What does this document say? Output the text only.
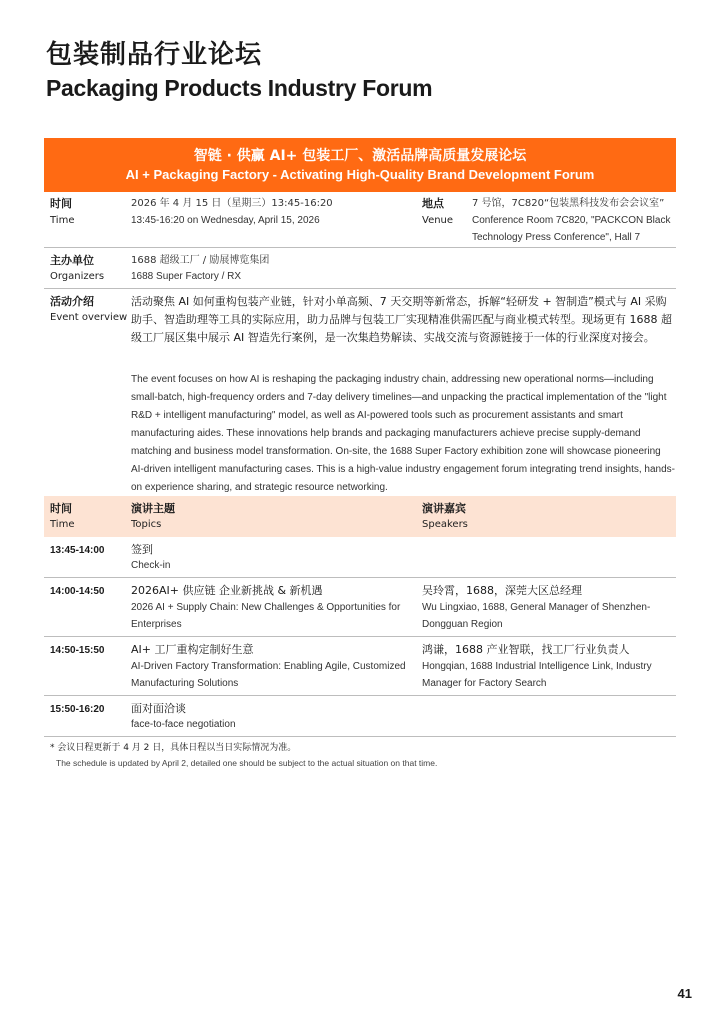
包装制品行业论坛
Packaging Products Industry Forum
智链 · 供赢 AI+ 包装工厂、激活品牌高质量发展论坛
AI + Packaging Factory - Activating High-Quality Brand Development Forum
时间
Time
2026 年 4 月 15 日（星期三）13:45-16:20
13:45-16:20 on Wednesday, April 15, 2026
地点
Venue
7 号馆，7C820“包装黑科技发布会会议室”
Conference Room 7C820, "PACKCON Black Technology Press Conference", Hall 7
主办单位
Organizers
1688 超级工厂 / 励展博览集团
1688 Super Factory / RX
活动介绍
Event overview
活动聚焦 AI 如何重构包装产业链，针对小单高频、7 天交期等新常态，拆解“轻研发 + 智制造”模式与 AI 采购助手、智造助理等工具的实际应用，助力品牌与包装工厂实现精准供需匹配与商业模式转型。现场更有 1688 超级工厂展区集中展示 AI 智造先行案例，是一次集趋势解读、实战交流与资源链接于一体的行业深度对接会。
The event focuses on how AI is reshaping the packaging industry chain, addressing new operational norms—including small-batch, high-frequency orders and 7-day delivery timelines—and unpacking the practical implementation of the "light R&D + intelligent manufacturing" model, as well as AI-powered tools such as procurement assistants and smart manufacturing aides. These innovations help brands and packaging manufacturers achieve precise supply-demand matching and business model transformation. On-site, the 1688 Super Factory exhibition zone will showcase pioneering AI-driven intelligent manufacturing cases. This is a high-value industry engagement forum integrating trend insights, hands-on experience sharing, and strategic resource networking.
时间
Time
演讲主题
Topics
演讲嘉宾
Speakers
13:45-14:00 签到
Check-in
14:00-14:50 2026AI+ 供应链 企业新挑战 & 新机遇
2026 AI + Supply Chain: New Challenges & Opportunities for Enterprises
吴玲霄，1688，深莞大区总经理
Wu Lingxiao, 1688, General Manager of Shenzhen-Dongguan Region
14:50-15:50 AI+ 工厂重构定制好生意
AI-Driven Factory Transformation: Enabling Agile, Customized Manufacturing Solutions
鸿谦，1688 产业智联，找工厂行业负责人
Hongqian, 1688 Industrial Intelligence Link, Industry Manager for Factory Search
15:50-16:20 面对面洽谈
face-to-face negotiation
* 会议日程更新于 4 月 2 日，具体日程以当日实际情况为准。
The schedule is updated by April 2, detailed one should be subject to the actual situation on that time.
41
